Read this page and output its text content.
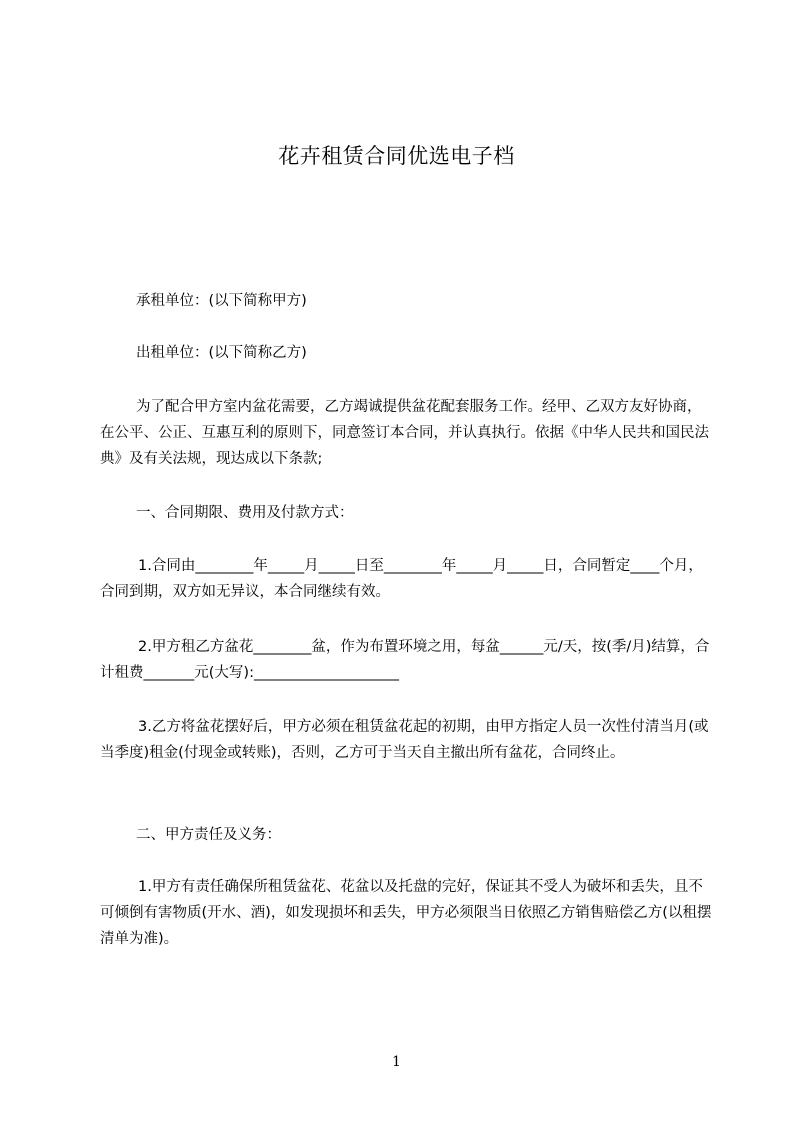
花卉租赁合同优选电子档

承租单位：(以下简称甲方)

出租单位：(以下简称乙方)

为了配合甲方室内盆花需要，乙方竭诚提供盆花配套服务工作。经甲、乙双方友好协商，在公平、公正、互惠互利的原则下，同意签订本合同，并认真执行。依据《中华人民共和国民法典》及有关法规，现达成以下条款;

一、合同期限、费用及付款方式：

1.合同由________年_____月_____日至________年_____月_____日，合同暂定____个月，合同到期，双方如无异议，本合同继续有效。

2.甲方租乙方盆花________盆，作为布置环境之用，每盆______元/天，按(季/月)结算，合计租费_______元(大写):____________________

3.乙方将盆花摆好后，甲方必须在租赁盆花起的初期，由甲方指定人员一次性付清当月(或当季度)租金(付现金或转账)，否则，乙方可于当天自主撤出所有盆花，合同终止。

二、甲方责任及义务：

1.甲方有责任确保所租赁盆花、花盆以及托盘的完好，保证其不受人为破坏和丢失，且不可倾倒有害物质(开水、酒)，如发现损坏和丢失，甲方必须限当日依照乙方销售赔偿乙方(以租摆清单为准)。

1
